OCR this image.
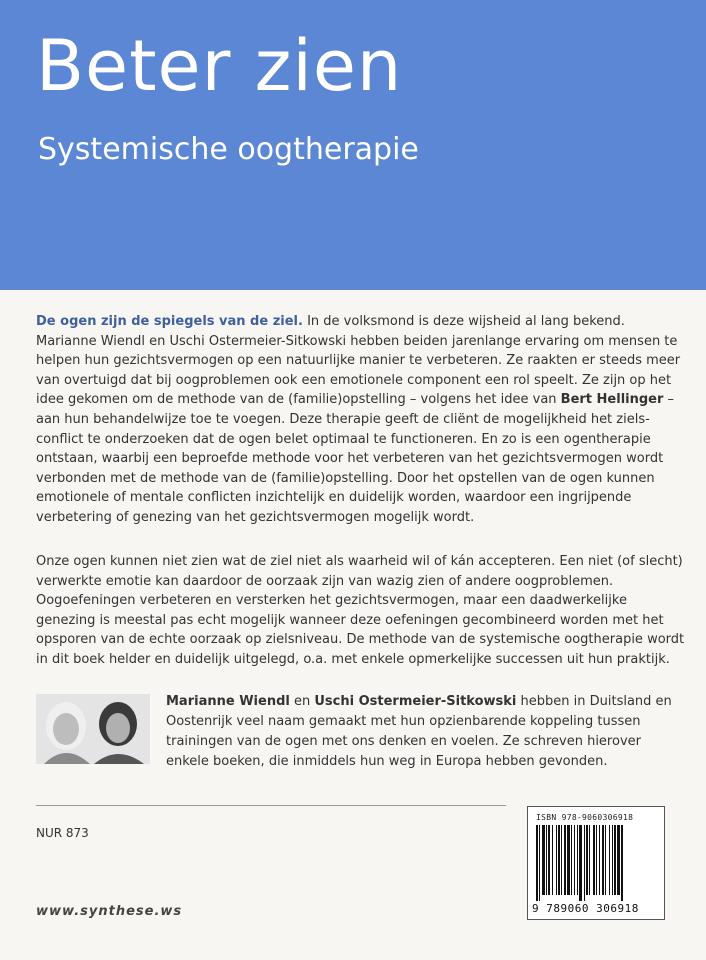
Beter zien

Systemische oogtherapie

De ogen zijn de spiegels van de ziel. In de volksmond is deze wijsheid al lang bekend. Marianne Wiendl en Uschi Ostermeier-Sitkowski hebben beiden jarenlange ervaring om mensen te helpen hun gezichtsvermogen op een natuurlijke manier te verbeteren. Ze raakten er steeds meer van overtuigd dat bij oogproblemen ook een emotionele component een rol speelt. Ze zijn op het idee gekomen om de methode van de (familie)opstelling – volgens het idee van Bert Hellinger – aan hun behandelwijze toe te voegen. Deze therapie geeft de cliënt de mogelijkheid het ziels-conflict te onderzoeken dat de ogen belet optimaal te functioneren. En zo is een ogentherapie ontstaan, waarbij een beproefde methode voor het verbeteren van het gezichtsvermogen wordt verbonden met de methode van de (familie)opstelling. Door het opstellen van de ogen kunnen emotionele of mentale conflicten inzichtelijk en duidelijk worden, waardoor een ingrijpende verbetering of genezing van het gezichtsvermogen mogelijk wordt.

Onze ogen kunnen niet zien wat de ziel niet als waarheid wil of kán accepteren. Een niet (of slecht) verwerkte emotie kan daardoor de oorzaak zijn van wazig zien of andere oogproblemen. Oogoefeningen verbeteren en versterken het gezichtsvermogen, maar een daadwerkelijke genezing is meestal pas echt mogelijk wanneer deze oefeningen gecombineerd worden met het opsporen van de echte oorzaak op zielsniveau. De methode van de systemische oogtherapie wordt in dit boek helder en duidelijk uitgelegd, o.a. met enkele opmerkelijke successen uit hun praktijk.

Marianne Wiendl en Uschi Ostermeier-Sitkowski hebben in Duitsland en Oostenrijk veel naam gemaakt met hun opzienbarende koppeling tussen trainingen van de ogen met ons denken en voelen. Ze schreven hierover enkele boeken, die inmiddels hun weg in Europa hebben gevonden.

NUR 873
www.synthese.ws
ISBN 978-9060306918
9 789060 306918
